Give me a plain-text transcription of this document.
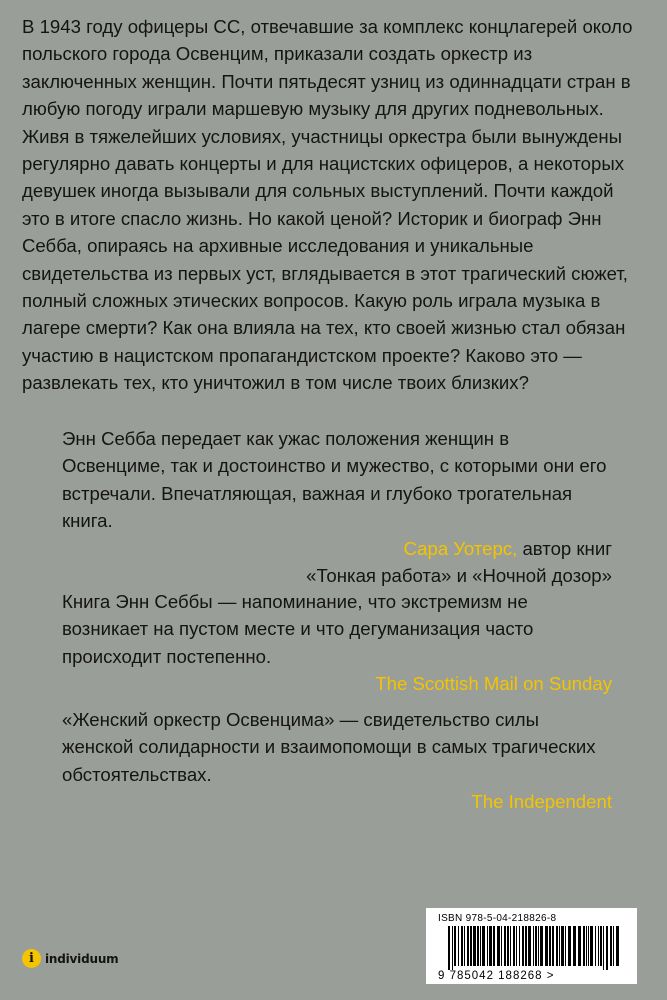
В 1943 году офицеры СС, отвечавшие за комплекс концлагерей около польского города Освенцим, приказали создать оркестр из заключенных женщин. Почти пятьдесят узниц из одиннадцати стран в любую погоду играли маршевую музыку для других подневольных. Живя в тяжелейших условиях, участницы оркестра были вынуждены регулярно давать концерты и для нацистских офицеров, а некоторых девушек иногда вызывали для сольных выступлений. Почти каждой это в итоге спасло жизнь. Но какой ценой? Историк и биограф Энн Себба, опираясь на архивные исследования и уникальные свидетельства из первых уст, вглядывается в этот трагический сюжет, полный сложных этических вопросов. Какую роль играла музыка в лагере смерти? Как она влияла на тех, кто своей жизнью стал обязан участию в нацистском пропагандистском проекте? Каково это — развлекать тех, кто уничтожил в том числе твоих близких?

Энн Себба передает как ужас положения женщин в Освенциме, так и достоинство и мужество, с которыми они его встречали. Впечатляющая, важная и глубоко трогательная книга.

Сара Уотерс, автор книг
«Тонкая работа» и «Ночной дозор»

Книга Энн Себбы — напоминание, что экстремизм не возникает на пустом месте и что дегуманизация часто происходит постепенно.

The Scottish Mail on Sunday

«Женский оркестр Освенцима» — свидетельство силы женской солидарности и взаимопомощи в самых трагических обстоятельствах.

The Independent
i individuum
9 785042 188268 >
ISBN 978-5-04-218826-8
